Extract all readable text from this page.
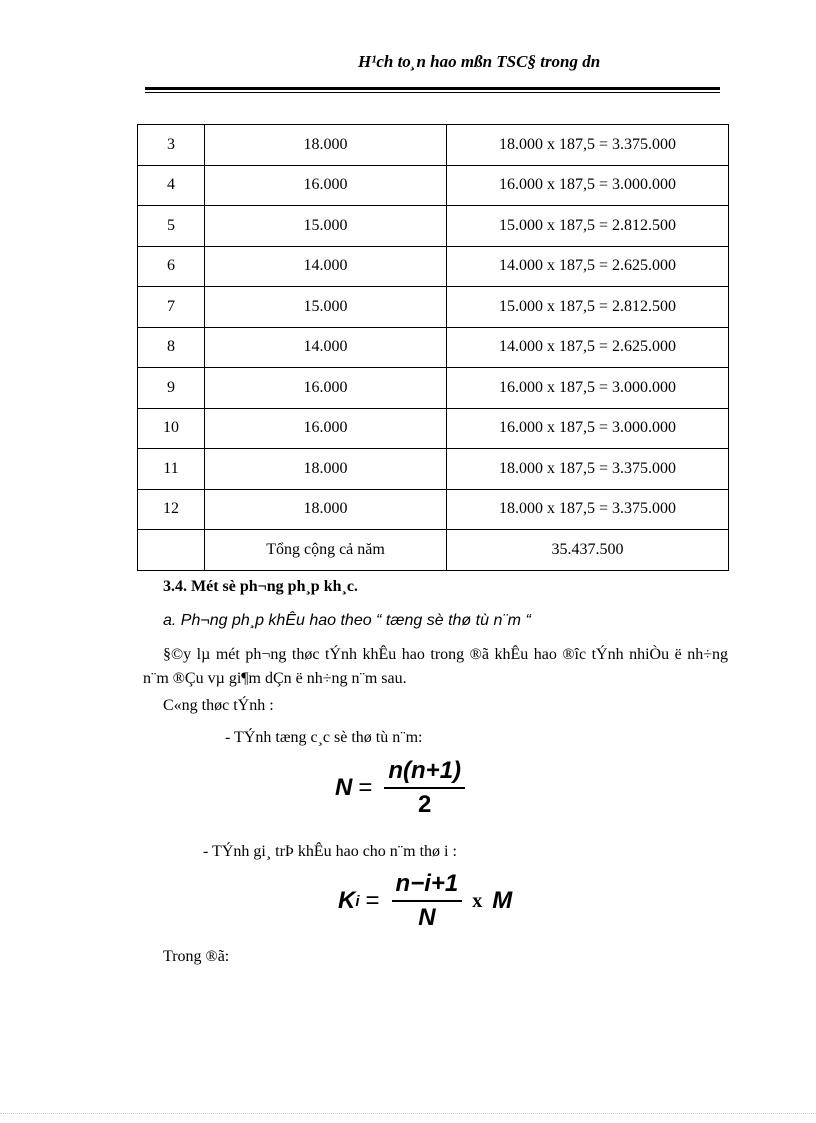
H¹ch to¸n hao mßn TSC§ trong dn
3	18.000	18.000 x 187,5 = 3.375.000
4	16.000	16.000 x 187,5 = 3.000.000
5	15.000	15.000 x 187,5 = 2.812.500
6	14.000	14.000 x 187,5 = 2.625.000
7	15.000	15.000 x 187,5 = 2.812.500
8	14.000	14.000 x 187,5 = 2.625.000
9	16.000	16.000 x 187,5 = 3.000.000
10	16.000	16.000 x 187,5 = 3.000.000
11	18.000	18.000 x 187,5 = 3.375.000
12	18.000	18.000 x 187,5 = 3.375.000
	Tổng cộng cả năm	35.437.500
3.4. Mét sè ph¬ng ph¸p kh¸c.
a. Ph¬ng ph¸p khÊu hao theo “ tæng sè thø tù n¨m “
§©y lµ mét ph¬ng thøc tÝnh khÊu hao trong ®ã khÊu hao ®îc tÝnh nhiÒu ë nh÷ng n¨m ®Çu vµ gi¶m dÇn ë nh÷ng n¨m sau.
C«ng thøc tÝnh :
- TÝnh tæng c¸c sè thø tù n¨m:
$N = \frac{n(n+1)}{2}$
- TÝnh gi¸ trÞ khÊu hao cho n¨m thø i :
K $i = \frac{n-i+1}{N}$ x M
Trong ®ã:
